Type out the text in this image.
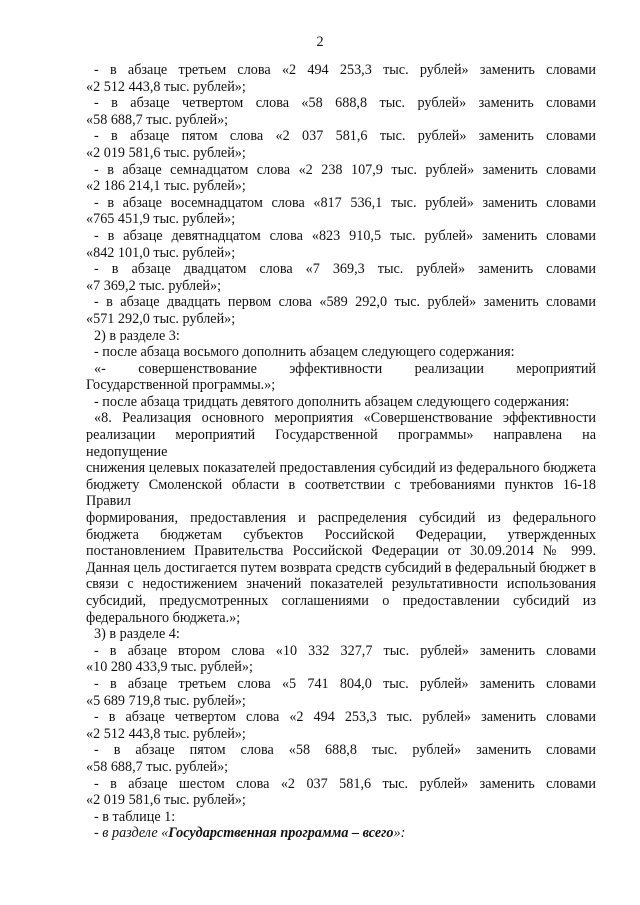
2
- в абзаце третьем слова «2 494 253,3 тыс. рублей» заменить словами
«2 512 443,8 тыс. рублей»;
- в абзаце четвертом слова «58 688,8 тыс. рублей» заменить словами
«58 688,7 тыс. рублей»;
- в абзаце пятом слова «2 037 581,6 тыс. рублей» заменить словами
«2 019 581,6 тыс. рублей»;
- в абзаце семнадцатом слова «2 238 107,9 тыс. рублей» заменить словами
«2 186 214,1 тыс. рублей»;
- в абзаце восемнадцатом слова «817 536,1 тыс. рублей» заменить словами
«765 451,9 тыс. рублей»;
- в абзаце девятнадцатом слова «823 910,5 тыс. рублей» заменить словами
«842 101,0 тыс. рублей»;
- в абзаце двадцатом слова «7 369,3 тыс. рублей» заменить словами
«7 369,2 тыс. рублей»;
- в абзаце двадцать первом слова «589 292,0 тыс. рублей» заменить словами
«571 292,0 тыс. рублей»;
2) в разделе 3:
- после абзаца восьмого дополнить абзацем следующего содержания:
«- совершенствование эффективности реализации мероприятий
Государственной программы.»;
- после абзаца тридцать девятого дополнить абзацем следующего содержания:
«8. Реализация основного мероприятия «Совершенствование эффективности
реализации мероприятий Государственной программы» направлена на недопущение
снижения целевых показателей предоставления субсидий из федерального бюджета
бюджету Смоленской области в соответствии с требованиями пунктов 16-18 Правил
формирования, предоставления и распределения субсидий из федерального
бюджета бюджетам субъектов Российской Федерации, утвержденных
постановлением Правительства Российской Федерации от 30.09.2014 № 999.
Данная цель достигается путем возврата средств субсидий в федеральный бюджет в
связи с недостижением значений показателей результативности использования
субсидий, предусмотренных соглашениями о предоставлении субсидий из
федерального бюджета.»;
3) в разделе 4:
- в абзаце втором слова «10 332 327,7 тыс. рублей» заменить словами
«10 280 433,9 тыс. рублей»;
- в абзаце третьем слова «5 741 804,0 тыс. рублей» заменить словами
«5 689 719,8 тыс. рублей»;
- в абзаце четвертом слова «2 494 253,3 тыс. рублей» заменить словами
«2 512 443,8 тыс. рублей»;
- в абзаце пятом слова «58 688,8 тыс. рублей» заменить словами
«58 688,7 тыс. рублей»;
- в абзаце шестом слова «2 037 581,6 тыс. рублей» заменить словами
«2 019 581,6 тыс. рублей»;
- в таблице 1:
- в разделе «Государственная программа – всего»:
